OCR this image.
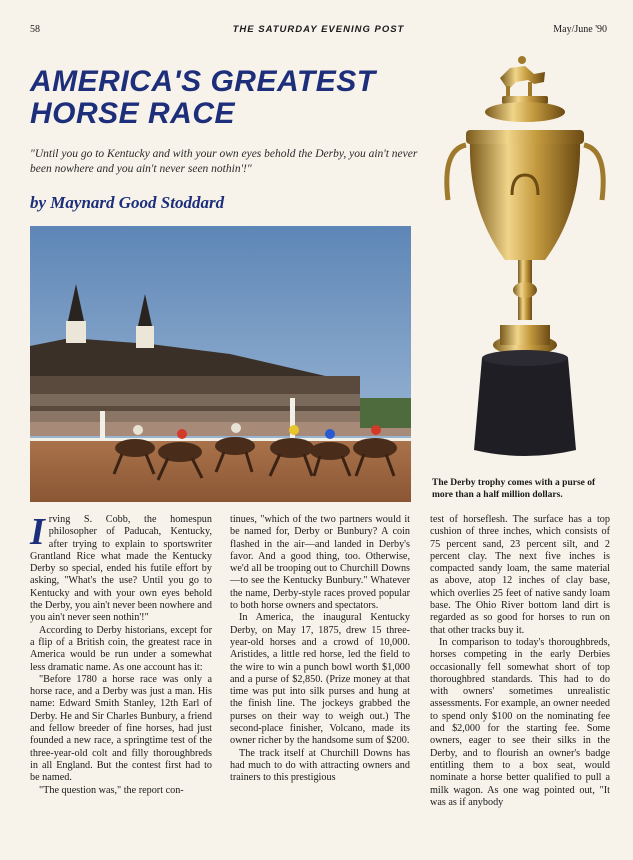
58	THE SATURDAY EVENING POST	May/June '90
AMERICA'S GREATEST
HORSE RACE
"Until you go to Kentucky and with your own eyes behold the Derby, you ain't never been nowhere and you ain't never seen nothin'!"
by Maynard Good Stoddard
The Derby trophy comes with a purse of more than a half million dollars.

Irving S. Cobb, the homespun philosopher of Paducah, Kentucky, after trying to explain to sportswriter Grantland Rice what made the Kentucky Derby so special, ended his futile effort by asking, "What's the use? Until you go to Kentucky and with your own eyes behold the Derby, you ain't never been nowhere and you ain't never seen nothin'!"

According to Derby historians, except for a flip of a British coin, the greatest race in America would be run under a somewhat less dramatic name. As one account has it:

"Before 1780 a horse race was only a horse race, and a Derby was just a man. His name: Edward Smith Stanley, 12th Earl of Derby. He and Sir Charles Bunbury, a friend and fellow breeder of fine horses, had just founded a new race, a springtime test of the three-year-old colt and filly thoroughbreds in all England. But the contest first had to be named.

"The question was," the report con-

tinues, "which of the two partners would it be named for, Derby or Bunbury? A coin flashed in the air—and landed in Derby's favor. And a good thing, too. Otherwise, we'd all be trooping out to Churchill Downs—to see the Kentucky Bunbury." Whatever the name, Derby-style races proved popular to both horse owners and spectators.

In America, the inaugural Kentucky Derby, on May 17, 1875, drew 15 three-year-old horses and a crowd of 10,000. Aristides, a little red horse, led the field to the wire to win a punch bowl worth $1,000 and a purse of $2,850. (Prize money at that time was put into silk purses and hung at the finish line. The jockeys grabbed the purses on their way to weigh out.) The second-place finisher, Volcano, made its owner richer by the handsome sum of $200.

The track itself at Churchill Downs has had much to do with attracting owners and trainers to this prestigious

test of horseflesh. The surface has a top cushion of three inches, which consists of 75 percent sand, 23 percent silt, and 2 percent clay. The next five inches is compacted sandy loam, the same material as above, atop 12 inches of clay base, which overlies 25 feet of native sandy loam base. The Ohio River bottom land dirt is regarded as so good for horses to run on that other tracks buy it.

In comparison to today's thoroughbreds, horses competing in the early Derbies occasionally fell somewhat short of top thoroughbred standards. This had to do with owners' sometimes unrealistic assessments. For example, an owner needed to spend only $100 on the nominating fee and $2,000 for the starting fee. Some owners, eager to see their silks in the Derby, and to flourish an owner's badge entitling them to a box seat, would nominate a horse better qualified to pull a milk wagon. As one wag pointed out, "It was as if anybody
